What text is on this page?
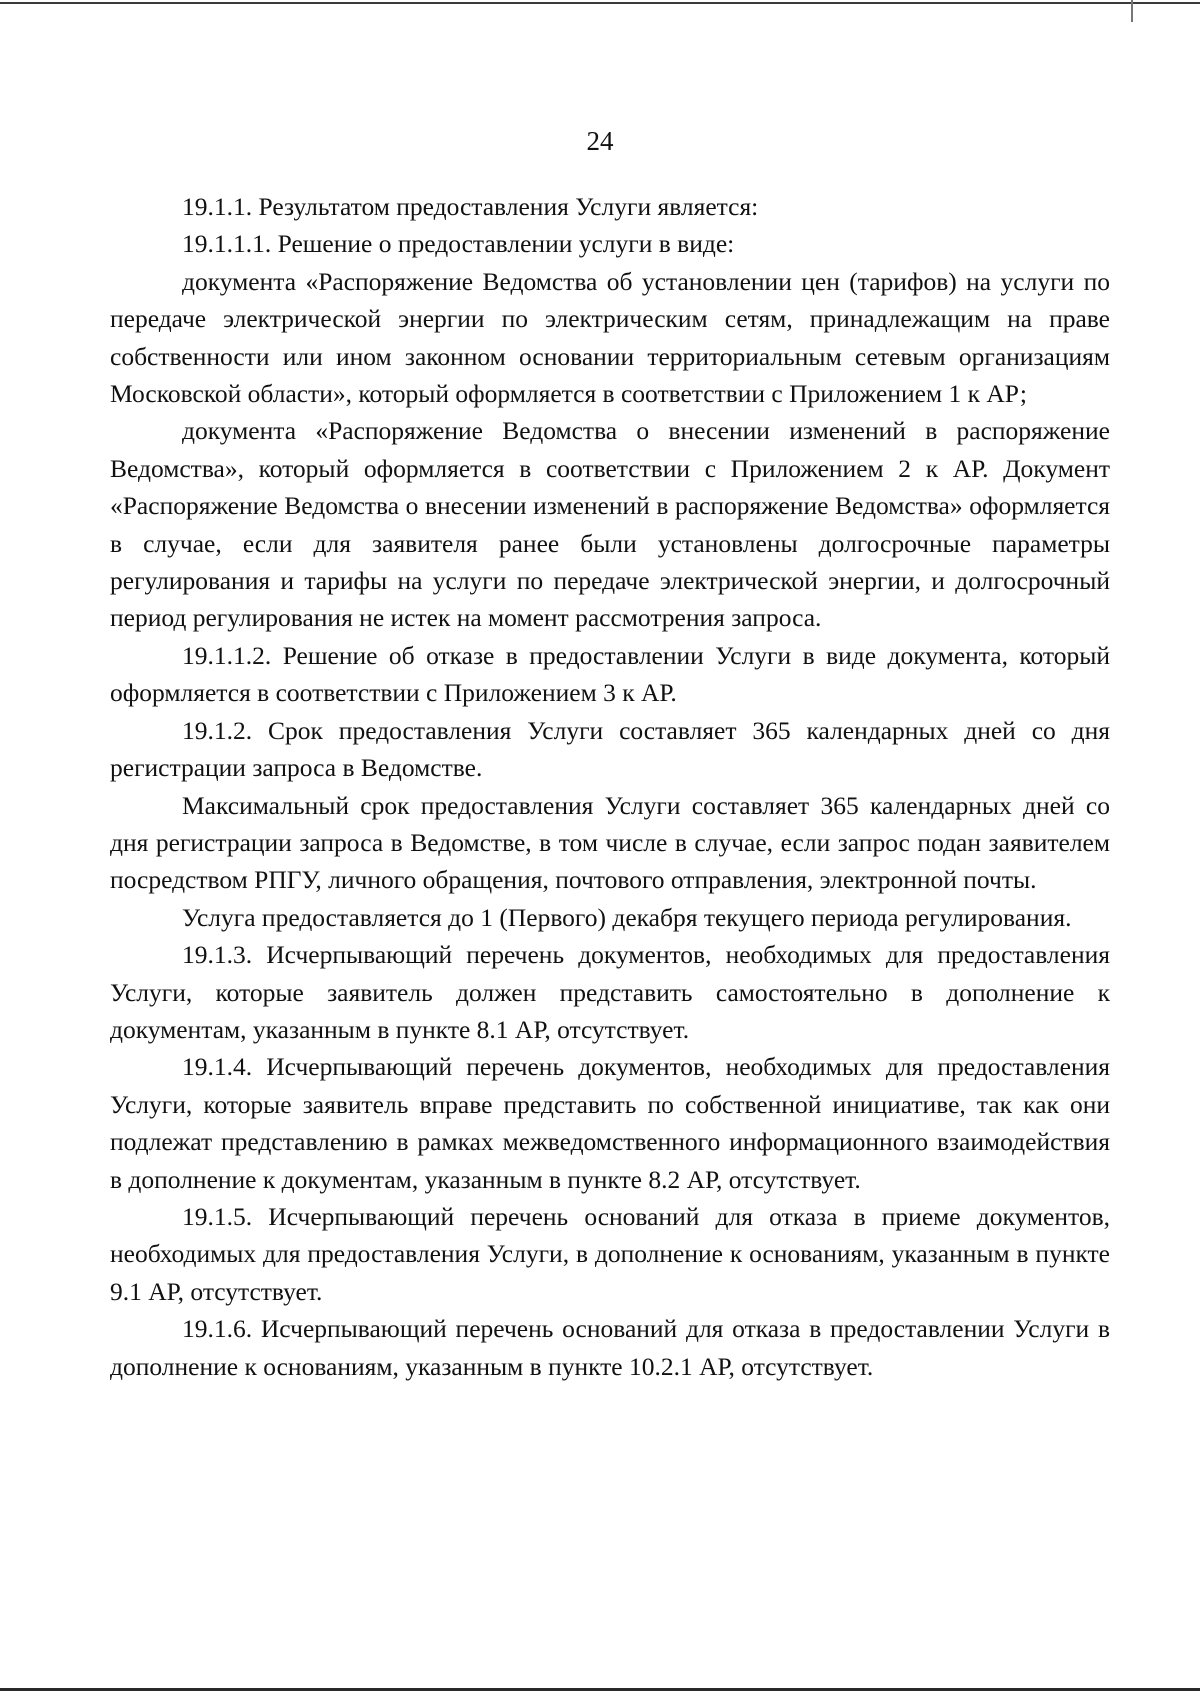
24

19.1.1. Результатом предоставления Услуги является:

19.1.1.1. Решение о предоставлении услуги в виде:

документа «Распоряжение Ведомства об установлении цен (тарифов) на услуги по передаче электрической энергии по электрическим сетям, принадлежащим на праве собственности или ином законном основании территориальным сетевым организациям Московской области», который оформляется в соответствии с Приложением 1 к АР;

документа «Распоряжение Ведомства о внесении изменений в распоряжение Ведомства», который оформляется в соответствии с Приложением 2 к АР. Документ «Распоряжение Ведомства о внесении изменений в распоряжение Ведомства» оформляется в случае, если для заявителя ранее были установлены долгосрочные параметры регулирования и тарифы на услуги по передаче электрической энергии, и долгосрочный период регулирования не истек на момент рассмотрения запроса.

19.1.1.2. Решение об отказе в предоставлении Услуги в виде документа, который оформляется в соответствии с Приложением 3 к АР.

19.1.2. Срок предоставления Услуги составляет 365 календарных дней со дня регистрации запроса в Ведомстве.

Максимальный срок предоставления Услуги составляет 365 календарных дней со дня регистрации запроса в Ведомстве, в том числе в случае, если запрос подан заявителем посредством РПГУ, личного обращения, почтового отправления, электронной почты.

Услуга предоставляется до 1 (Первого) декабря текущего периода регулирования.

19.1.3. Исчерпывающий перечень документов, необходимых для предоставления Услуги, которые заявитель должен представить самостоятельно в дополнение к документам, указанным в пункте 8.1 АР, отсутствует.

19.1.4. Исчерпывающий перечень документов, необходимых для предоставления Услуги, которые заявитель вправе представить по собственной инициативе, так как они подлежат представлению в рамках межведомственного информационного взаимодействия в дополнение к документам, указанным в пункте 8.2 АР, отсутствует.

19.1.5. Исчерпывающий перечень оснований для отказа в приеме документов, необходимых для предоставления Услуги, в дополнение к основаниям, указанным в пункте 9.1 АР, отсутствует.

19.1.6. Исчерпывающий перечень оснований для отказа в предоставлении Услуги в дополнение к основаниям, указанным в пункте 10.2.1 АР, отсутствует.
